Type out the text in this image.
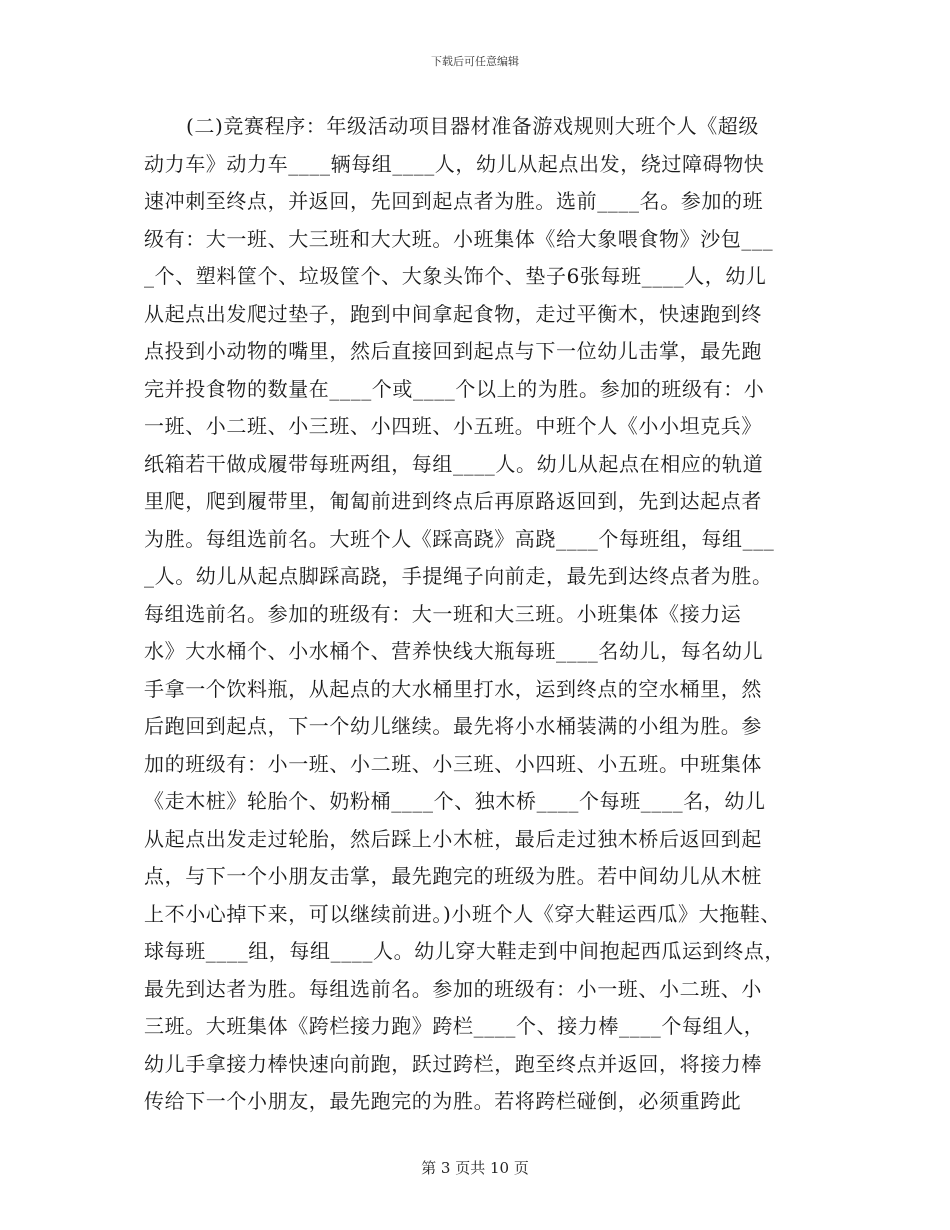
下载后可任意编辑
(二)竞赛程序：年级活动项目器材准备游戏规则大班个人《超级
动力车》动力车____辆每组____人，幼儿从起点出发，绕过障碍物快
速冲刺至终点，并返回，先回到起点者为胜。选前____名。参加的班
级有：大一班、大三班和大大班。小班集体《给大象喂食物》沙包___
_个、塑料筐个、垃圾筐个、大象头饰个、垫子6张每班____人，幼儿
从起点出发爬过垫子，跑到中间拿起食物，走过平衡木，快速跑到终
点投到小动物的嘴里，然后直接回到起点与下一位幼儿击掌，最先跑
完并投食物的数量在____个或____个以上的为胜。参加的班级有：小
一班、小二班、小三班、小四班、小五班。中班个人《小小坦克兵》
纸箱若干做成履带每班两组，每组____人。幼儿从起点在相应的轨道
里爬，爬到履带里，匍匐前进到终点后再原路返回到，先到达起点者
为胜。每组选前名。大班个人《踩高跷》高跷____个每班组，每组___
_人。幼儿从起点脚踩高跷，手提绳子向前走，最先到达终点者为胜。
每组选前名。参加的班级有：大一班和大三班。小班集体《接力运
水》大水桶个、小水桶个、营养快线大瓶每班____名幼儿，每名幼儿
手拿一个饮料瓶，从起点的大水桶里打水，运到终点的空水桶里，然
后跑回到起点，下一个幼儿继续。最先将小水桶装满的小组为胜。参
加的班级有：小一班、小二班、小三班、小四班、小五班。中班集体
《走木桩》轮胎个、奶粉桶____个、独木桥____个每班____名，幼儿
从起点出发走过轮胎，然后踩上小木桩，最后走过独木桥后返回到起
点，与下一个小朋友击掌，最先跑完的班级为胜。若中间幼儿从木桩
上不小心掉下来，可以继续前进。)小班个人《穿大鞋运西瓜》大拖鞋、
球每班____组，每组____人。幼儿穿大鞋走到中间抱起西瓜运到终点，
最先到达者为胜。每组选前名。参加的班级有：小一班、小二班、小
三班。大班集体《跨栏接力跑》跨栏____个、接力棒____个每组人，
幼儿手拿接力棒快速向前跑，跃过跨栏，跑至终点并返回，将接力棒
传给下一个小朋友，最先跑完的为胜。若将跨栏碰倒，必须重跨此
第 3 页共 10 页
